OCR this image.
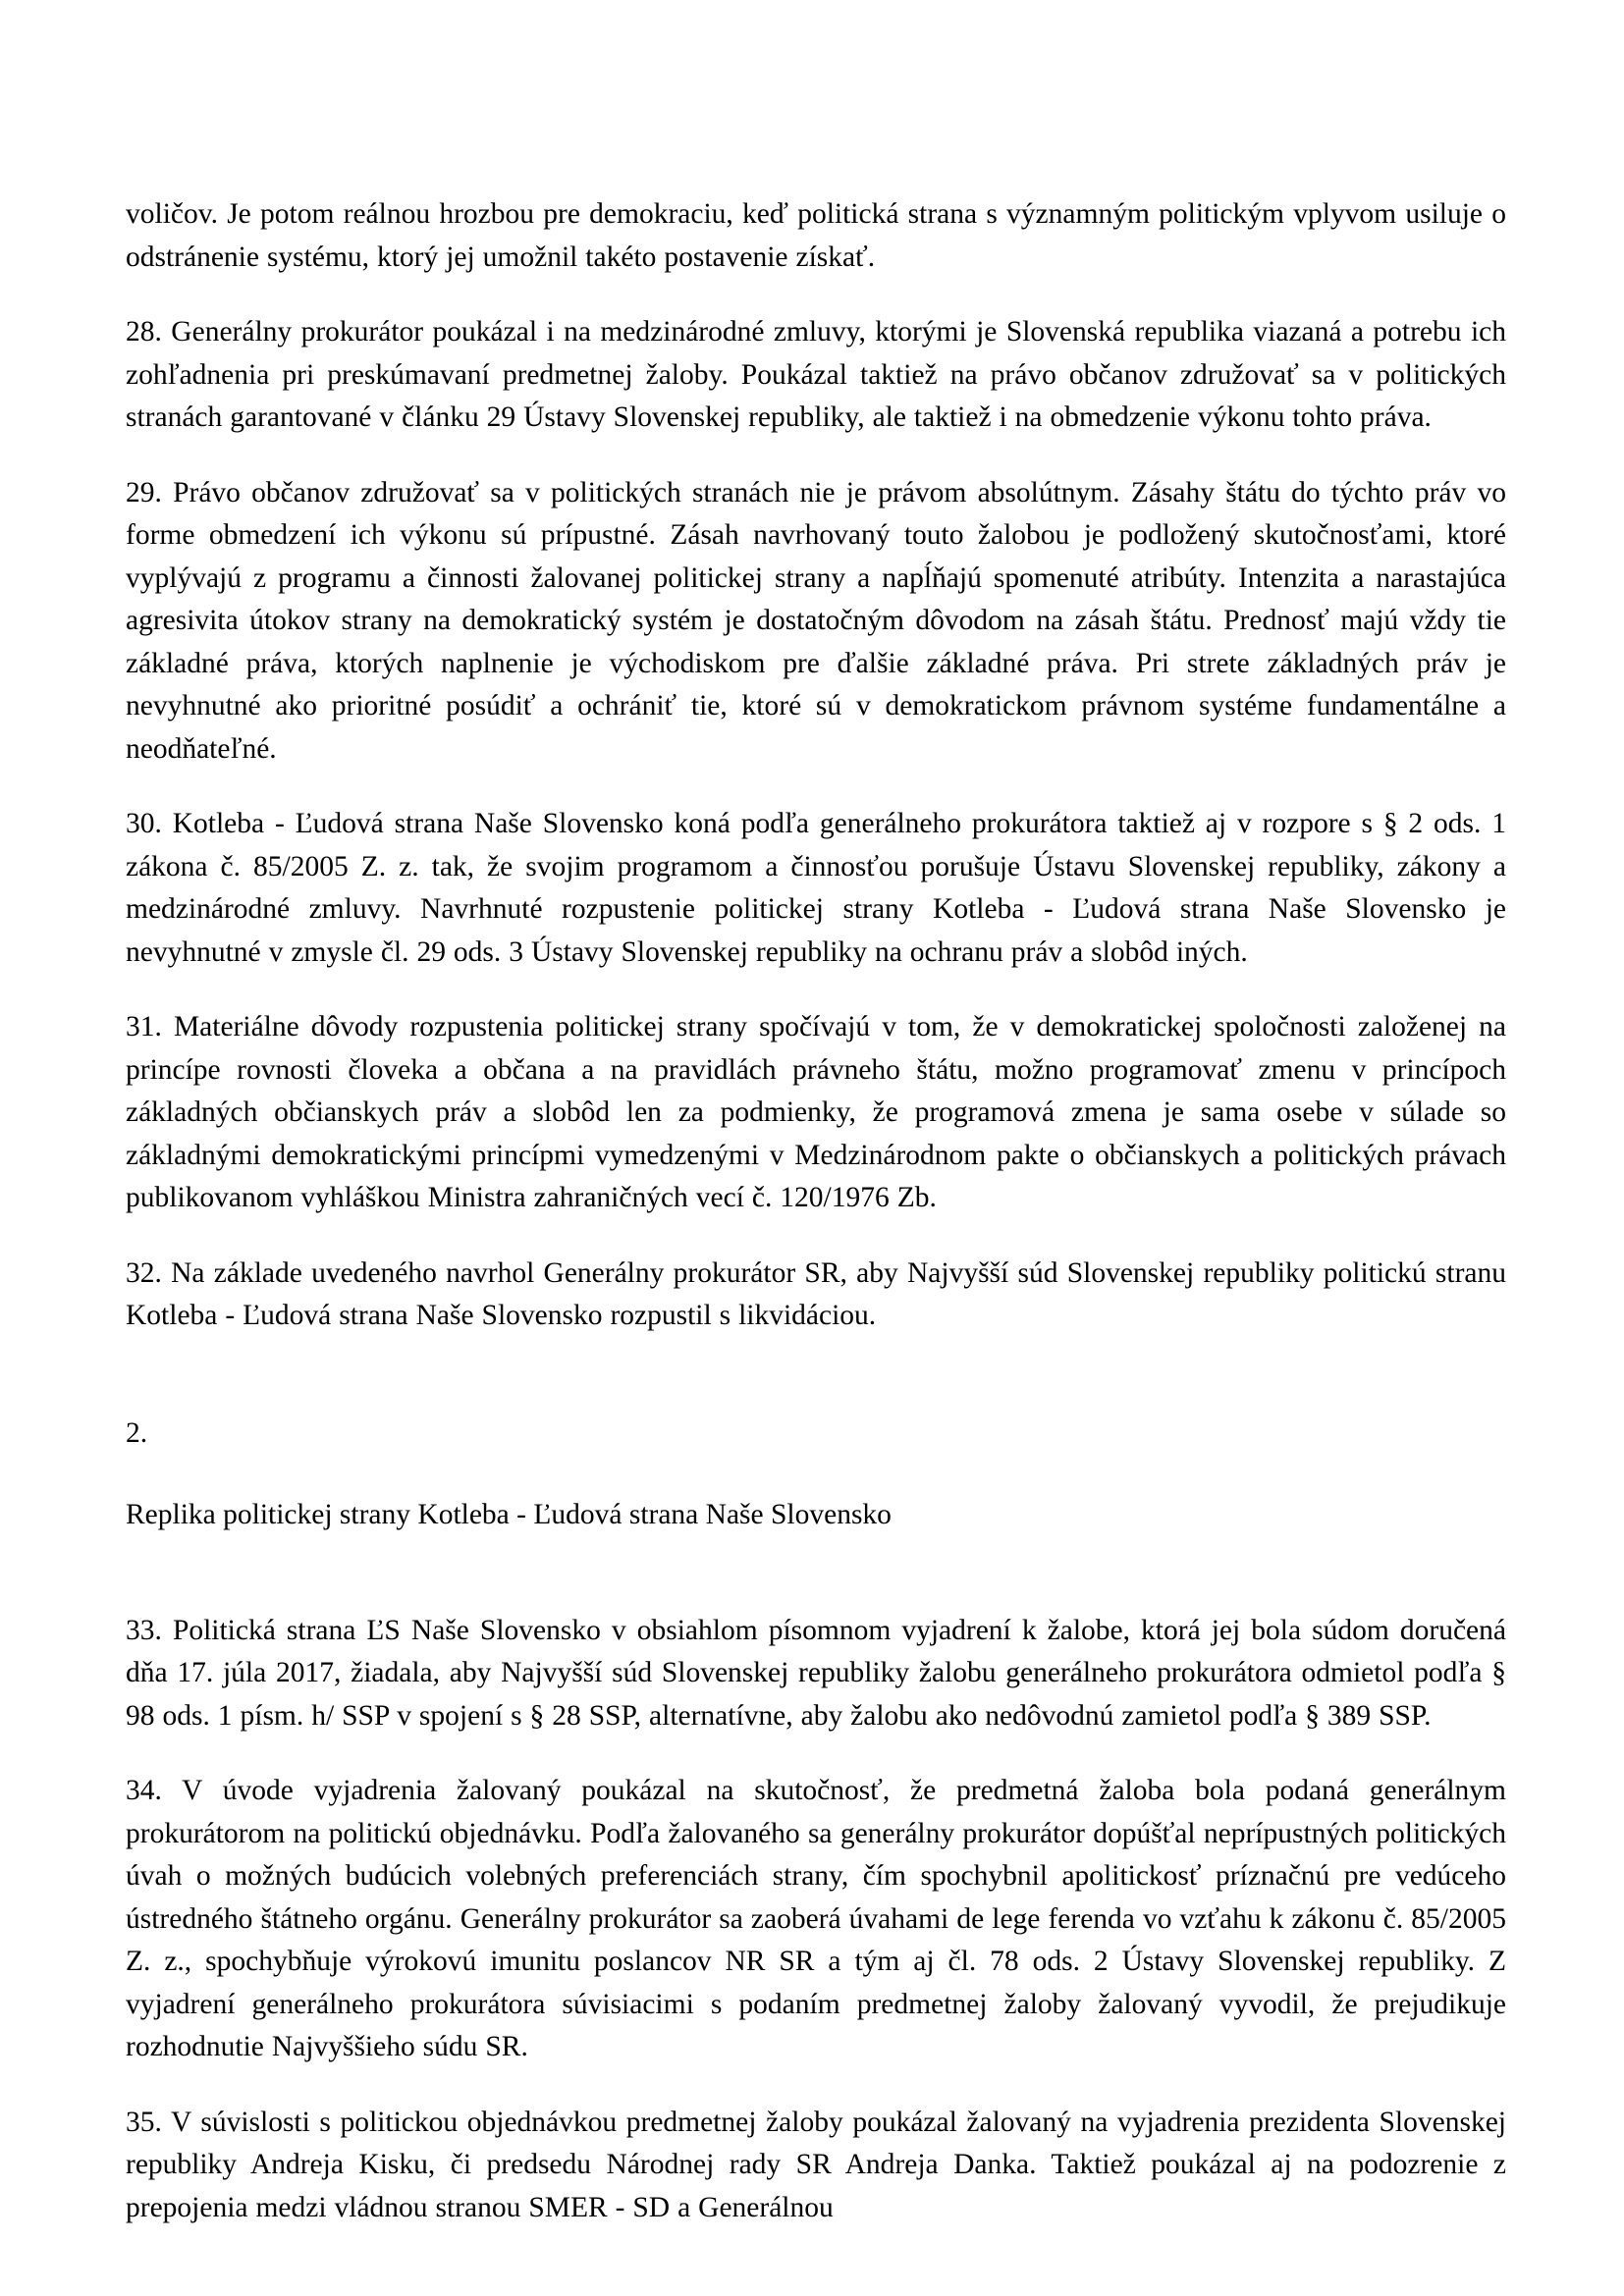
voličov. Je potom reálnou hrozbou pre demokraciu, keď politická strana s významným politickým vplyvom usiluje o odstránenie systému, ktorý jej umožnil takéto postavenie získať.

28. Generálny prokurátor poukázal i na medzinárodné zmluvy, ktorými je Slovenská republika viazaná a potrebu ich zohľadnenia pri preskúmavaní predmetnej žaloby. Poukázal taktiež na právo občanov združovať sa v politických stranách garantované v článku 29 Ústavy Slovenskej republiky, ale taktiež i na obmedzenie výkonu tohto práva.

29. Právo občanov združovať sa v politických stranách nie je právom absolútnym. Zásahy štátu do týchto práv vo forme obmedzení ich výkonu sú prípustné. Zásah navrhovaný touto žalobou je podložený skutočnosťami, ktoré vyplývajú z programu a činnosti žalovanej politickej strany a napĺňajú spomenuté atribúty. Intenzita a narastajúca agresivita útokov strany na demokratický systém je dostatočným dôvodom na zásah štátu. Prednosť majú vždy tie základné práva, ktorých naplnenie je východiskom pre ďalšie základné práva. Pri strete základných práv je nevyhnutné ako prioritné posúdiť a ochrániť tie, ktoré sú v demokratickom právnom systéme fundamentálne a neodňateľné.

30. Kotleba - Ľudová strana Naše Slovensko koná podľa generálneho prokurátora taktiež aj v rozpore s § 2 ods. 1 zákona č. 85/2005 Z. z. tak, že svojim programom a činnosťou porušuje Ústavu Slovenskej republiky, zákony a medzinárodné zmluvy. Navrhnuté rozpustenie politickej strany Kotleba - Ľudová strana Naše Slovensko je nevyhnutné v zmysle čl. 29 ods. 3 Ústavy Slovenskej republiky na ochranu práv a slobôd iných.

31. Materiálne dôvody rozpustenia politickej strany spočívajú v tom, že v demokratickej spoločnosti založenej na princípe rovnosti človeka a občana a na pravidlách právneho štátu, možno programovať zmenu v princípoch základných občianskych práv a slobôd len za podmienky, že programová zmena je sama osebe v súlade so základnými demokratickými princípmi vymedzenými v Medzinárodnom pakte o občianskych a politických právach publikovanom vyhláškou Ministra zahraničných vecí č. 120/1976 Zb.

32. Na základe uvedeného navrhol Generálny prokurátor SR, aby Najvyšší súd Slovenskej republiky politickú stranu Kotleba - Ľudová strana Naše Slovensko rozpustil s likvidáciou.

2.

Replika politickej strany Kotleba - Ľudová strana Naše Slovensko

33. Politická strana ĽS Naše Slovensko v obsiahlom písomnom vyjadrení k žalobe, ktorá jej bola súdom doručená dňa 17. júla 2017, žiadala, aby Najvyšší súd Slovenskej republiky žalobu generálneho prokurátora odmietol podľa § 98 ods. 1 písm. h/ SSP v spojení s § 28 SSP, alternatívne, aby žalobu ako nedôvodnú zamietol podľa § 389 SSP.

34. V úvode vyjadrenia žalovaný poukázal na skutočnosť, že predmetná žaloba bola podaná generálnym prokurátorom na politickú objednávku. Podľa žalovaného sa generálny prokurátor dopúšťal neprípustných politických úvah o možných budúcich volebných preferenciách strany, čím spochybnil apolitickosť príznačnú pre vedúceho ústredného štátneho orgánu. Generálny prokurátor sa zaoberá úvahami de lege ferenda vo vzťahu k zákonu č. 85/2005 Z. z., spochybňuje výrokovú imunitu poslancov NR SR a tým aj čl. 78 ods. 2 Ústavy Slovenskej republiky. Z vyjadrení generálneho prokurátora súvisiacimi s podaním predmetnej žaloby žalovaný vyvodil, že prejudikuje rozhodnutie Najvyššieho súdu SR.

35. V súvislosti s politickou objednávkou predmetnej žaloby poukázal žalovaný na vyjadrenia prezidenta Slovenskej republiky Andreja Kisku, či predsedu Národnej rady SR Andreja Danka. Taktiež poukázal aj na podozrenie z prepojenia medzi vládnou stranou SMER - SD a Generálnou
